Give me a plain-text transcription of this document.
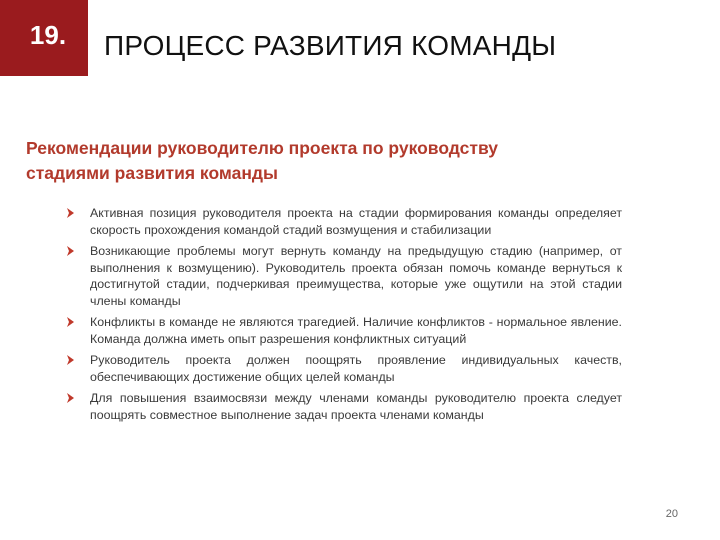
19. ПРОЦЕСС РАЗВИТИЯ КОМАНДЫ
Рекомендации руководителю проекта по руководству стадиями развития команды
Активная позиция руководителя проекта на стадии формирования команды определяет скорость прохождения командой стадий возмущения и стабилизации
Возникающие проблемы могут вернуть команду на предыдущую стадию (например, от выполнения к возмущению). Руководитель проекта обязан помочь команде вернуться к достигнутой стадии, подчеркивая преимущества, которые уже ощутили на этой стадии члены команды
Конфликты в команде не являются трагедией. Наличие конфликтов - нормальное явление. Команда должна иметь опыт разрешения конфликтных ситуаций
Руководитель проекта должен поощрять проявление индивидуальных качеств, обеспечивающих достижение общих целей команды
Для повышения взаимосвязи между членами команды руководителю проекта следует поощрять совместное выполнение задач проекта членами команды
20
